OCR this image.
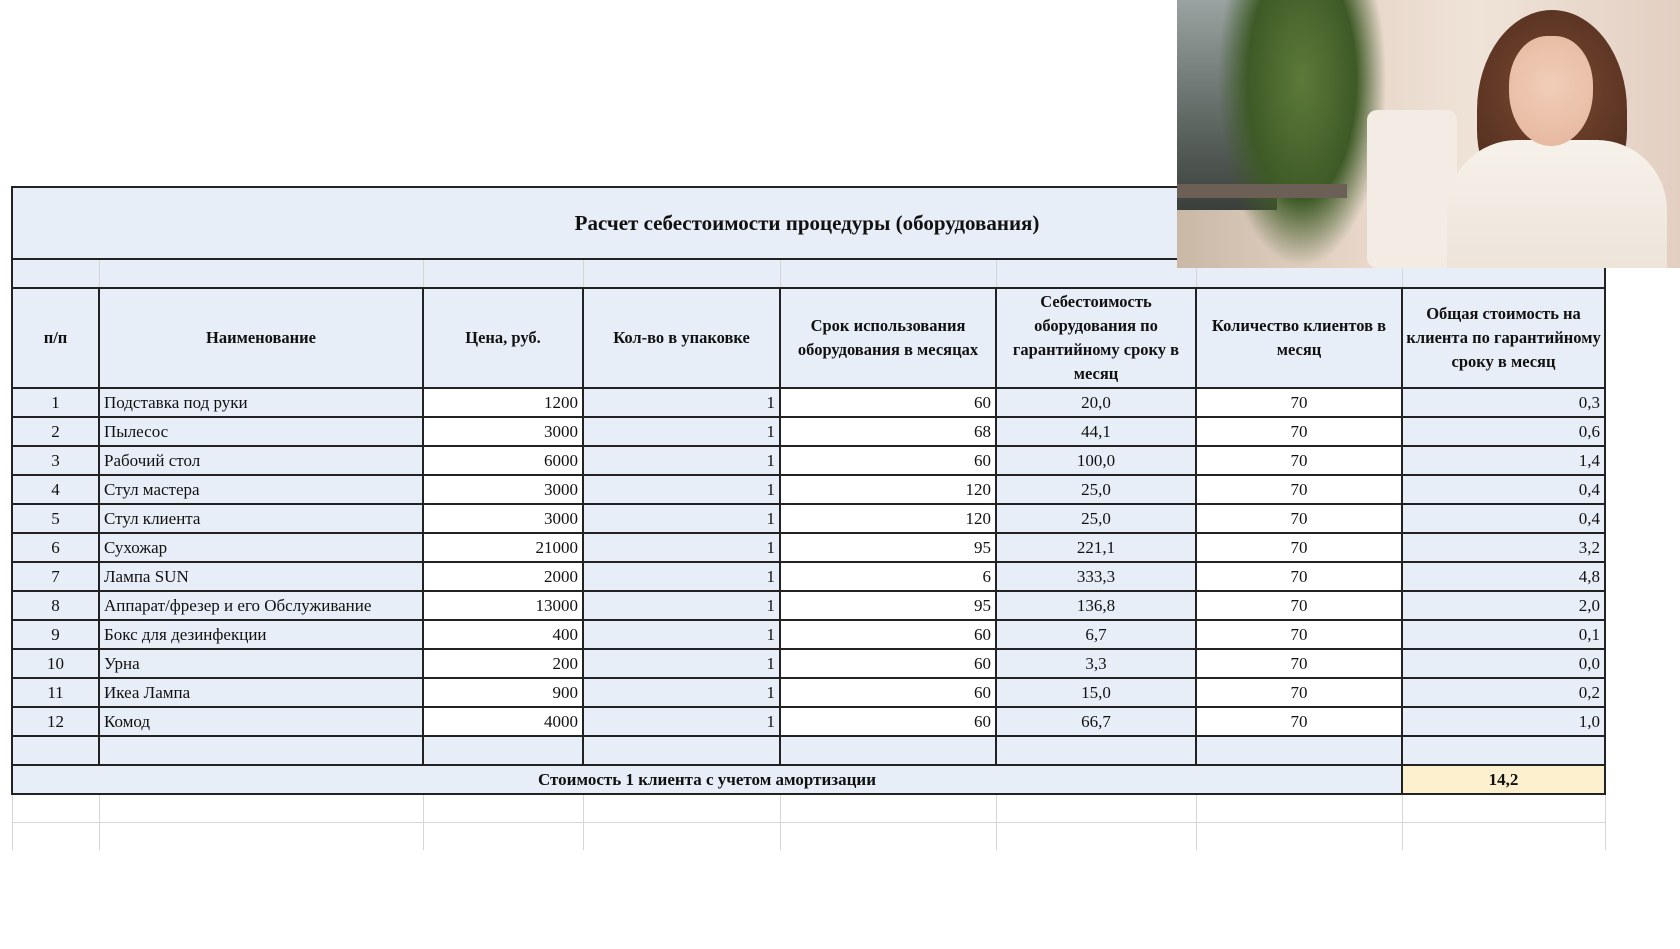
Расчет себестоимости процедуры (оборудования)							

п/п	Наименование	Цена, руб.	Кол-во в упаковке	Срок использования оборудования в месяцах	Себестоимость оборудования по гарантийному сроку в месяц	Количество клиентов в месяц	Общая стоимость на клиента по гарантийному сроку в месяц
1	Подставка под руки	1200	1	60	20,0	70	0,3
2	Пылесос	3000	1	68	44,1	70	0,6
3	Рабочий стол	6000	1	60	100,0	70	1,4
4	Стул мастера	3000	1	120	25,0	70	0,4
5	Стул клиента	3000	1	120	25,0	70	0,4
6	Сухожар	21000	1	95	221,1	70	3,2
7	Лампа SUN	2000	1	6	333,3	70	4,8
8	Аппарат/фрезер и его Обслуживание	13000	1	95	136,8	70	2,0
9	Бокс для дезинфекции	400	1	60	6,7	70	0,1
10	Урна	200	1	60	3,3	70	0,0
11	Икеа Лампа	900	1	60	15,0	70	0,2
12	Комод	4000	1	60	66,7	70	1,0

Стоимость 1 клиента с учетом амортизации							14,2
